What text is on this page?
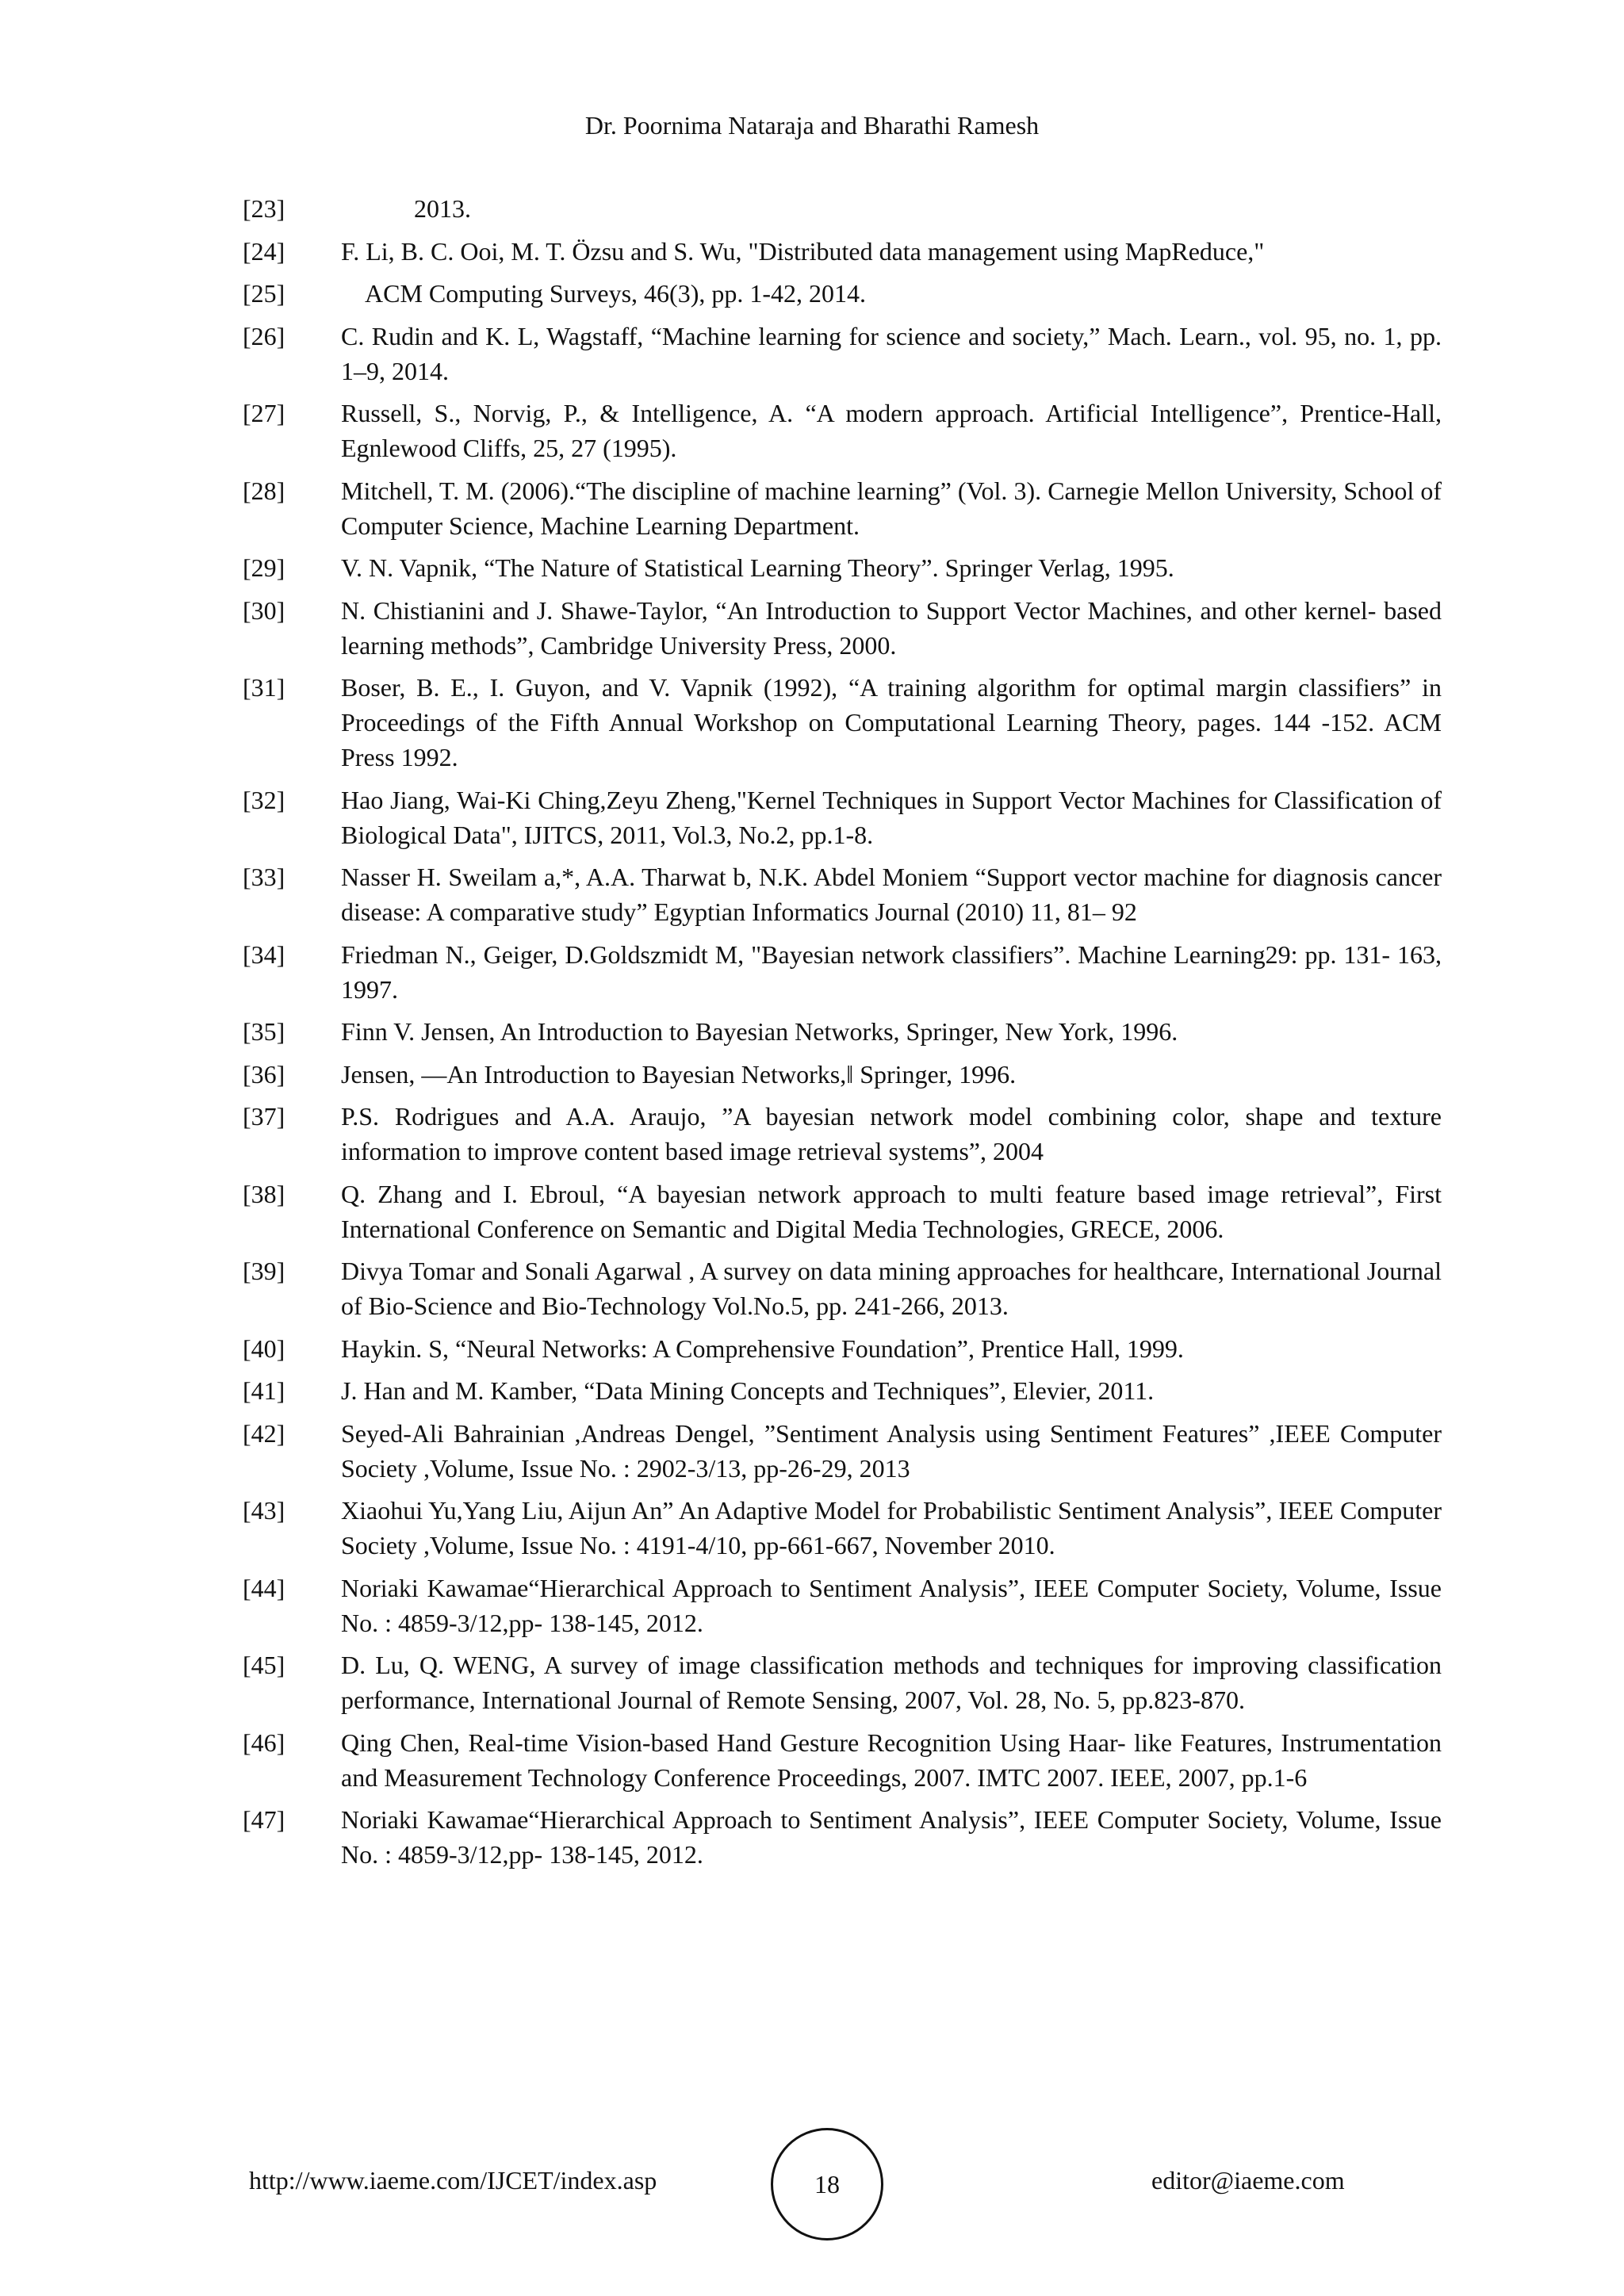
Dr. Poornima Nataraja and Bharathi Ramesh
[23]	2013.
[24]	F. Li, B. C. Ooi, M. T. Özsu and S. Wu, "Distributed data management using MapReduce,"
[25]	ACM Computing Surveys, 46(3), pp. 1-42, 2014.
[26]	C. Rudin and K. L, Wagstaff, “Machine learning for science and society,” Mach. Learn., vol. 95, no. 1, pp. 1–9, 2014.
[27]	Russell, S., Norvig, P., & Intelligence, A. “A modern approach. Artificial Intelligence”, Prentice-Hall, Egnlewood Cliffs, 25, 27 (1995).
[28]	Mitchell, T. M. (2006).“The discipline of machine learning” (Vol. 3). Carnegie Mellon University, School of Computer Science, Machine Learning Department.
[29]	V. N. Vapnik, “The Nature of Statistical Learning Theory”. Springer Verlag, 1995.
[30]	N. Chistianini and J. Shawe-Taylor, “An Introduction to Support Vector Machines, and other kernel- based learning methods”, Cambridge University Press, 2000.
[31]	Boser, B. E., I. Guyon, and V. Vapnik (1992), “A training algorithm for optimal margin classifiers” in Proceedings of the Fifth Annual Workshop on Computational Learning Theory, pages. 144 -152. ACM Press 1992.
[32]	Hao Jiang, Wai-Ki Ching,Zeyu Zheng,"Kernel Techniques in Support Vector Machines for Classification of Biological Data", IJITCS, 2011, Vol.3, No.2, pp.1-8.
[33]	Nasser H. Sweilam a,*, A.A. Tharwat b, N.K. Abdel Moniem “Support vector machine for diagnosis cancer disease: A comparative study” Egyptian Informatics Journal (2010) 11, 81– 92
[34]	Friedman N., Geiger, D.Goldszmidt M, "Bayesian network classifiers”. Machine Learning29: pp. 131- 163, 1997.
[35]	Finn V. Jensen, An Introduction to Bayesian Networks, Springer, New York, 1996.
[36]	Jensen, ―An Introduction to Bayesian Networks,‖ Springer, 1996.
[37]	P.S. Rodrigues and A.A. Araujo, ”A bayesian network model combining color, shape and texture information to improve content based image retrieval systems”, 2004
[38]	Q. Zhang and I. Ebroul, “A bayesian network approach to multi feature based image retrieval”, First International Conference on Semantic and Digital Media Technologies, GRECE, 2006.
[39]	Divya Tomar and Sonali Agarwal , A survey on data mining approaches for healthcare, International Journal of Bio-Science and Bio-Technology Vol.No.5, pp. 241-266, 2013.
[40]	Haykin. S, “Neural Networks: A Comprehensive Foundation”, Prentice Hall, 1999.
[41]	J. Han and M. Kamber, “Data Mining Concepts and Techniques”, Elevier, 2011.
[42]	Seyed-Ali Bahrainian ,Andreas Dengel, ”Sentiment Analysis using Sentiment Features” ,IEEE Computer Society ,Volume, Issue No. : 2902-3/13, pp-26-29, 2013
[43]	Xiaohui Yu,Yang Liu, Aijun An” An Adaptive Model for Probabilistic Sentiment Analysis”, IEEE Computer Society ,Volume, Issue No. : 4191-4/10, pp-661-667, November 2010.
[44]	Noriaki Kawamae“Hierarchical Approach to Sentiment Analysis”, IEEE Computer Society, Volume, Issue No. : 4859-3/12,pp- 138-145, 2012.
[45]	D. Lu, Q. WENG, A survey of image classification methods and techniques for improving classification performance, International Journal of Remote Sensing, 2007, Vol. 28, No. 5, pp.823-870.
[46]	Qing Chen, Real-time Vision-based Hand Gesture Recognition Using Haar- like Features, Instrumentation and Measurement Technology Conference Proceedings, 2007. IMTC 2007. IEEE, 2007, pp.1-6
[47]	Noriaki Kawamae“Hierarchical Approach to Sentiment Analysis”, IEEE Computer Society, Volume, Issue No. : 4859-3/12,pp- 138-145, 2012.
http://www.iaeme.com/IJCET/index.asp	18	editor@iaeme.com
